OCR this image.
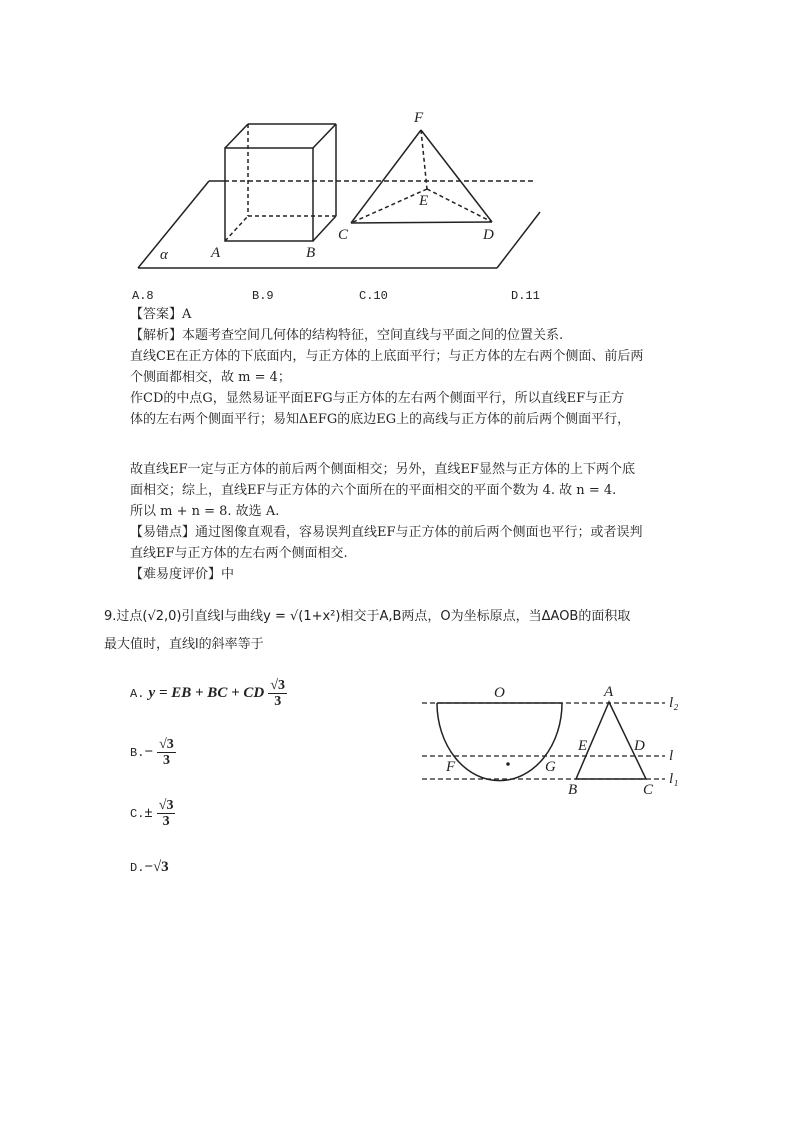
F
E
C	D
A	B
α
A.8	B.9	C.10	D.11
【答案】A
【解析】本题考查空间几何体的结构特征，空间直线与平面之间的位置关系.
直线CE在正方体的下底面内，与正方体的上底面平行；与正方体的左右两个侧面、前后两
个侧面都相交，故 m = 4；
作CD的中点G，显然易证平面EFG与正方体的左右两个侧面平行，所以直线EF与正方
体的左右两个侧面平行；易知ΔEFG的底边EG上的高线与正方体的前后两个侧面平行，
故直线EF一定与正方体的前后两个侧面相交；另外，直线EF显然与正方体的上下两个底
面相交；综上，直线EF与正方体的六个面所在的平面相交的平面个数为 4. 故 n = 4.
所以 m + n = 8. 故选 A.
【易错点】通过图像直观看，容易误判直线EF与正方体的前后两个侧面也平行；或者误判
直线EF与正方体的左右两个侧面相交.
【难易度评价】中
9.过点(√2,0)引直线l与曲线y = √(1+x²)相交于A,B两点，O为坐标原点，当ΔAOB的面积取
最大值时，直线l的斜率等于
A. y = EB + BC + CD $\frac{√3}{3}$
$B.- \frac{√3}{3}$
$C.\pm \frac{√3}{3}$
D.−√3
O	A
E	D
F	G
B	C
l₂
l
l₁
